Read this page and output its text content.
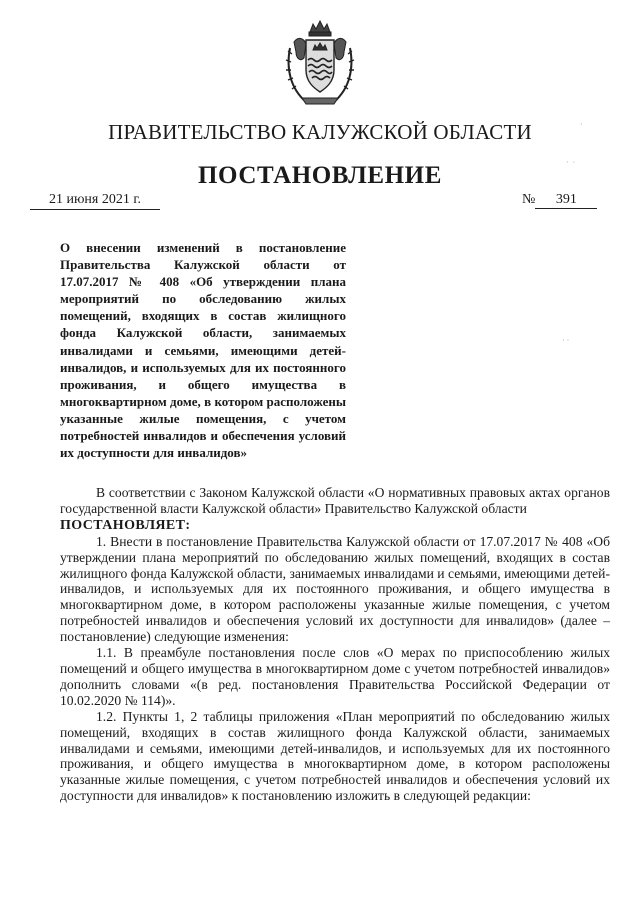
ПРАВИТЕЛЬСТВО КАЛУЖСКОЙ ОБЛАСТИ
ПОСТАНОВЛЕНИЕ
21 июня 2021 г.	№ 391
О внесении изменений в постановление Правительства Калужской области от 17.07.2017 № 408 «Об утверждении плана мероприятий по обследованию жилых помещений, входящих в состав жилищного фонда Калужской области, занимаемых инвалидами и семьями, имеющими детей-инвалидов, и используемых для их постоянного проживания, и общего имущества в многоквартирном доме, в котором расположены указанные жилые помещения, с учетом потребностей инвалидов и обеспечения условий их доступности для инвалидов»

В соответствии с Законом Калужской области «О нормативных правовых актах органов государственной власти Калужской области» Правительство Калужской области

ПОСТАНОВЛЯЕТ:

1. Внести в постановление Правительства Калужской области от 17.07.2017 № 408 «Об утверждении плана мероприятий по обследованию жилых помещений, входящих в состав жилищного фонда Калужской области, занимаемых инвалидами и семьями, имеющими детей-инвалидов, и используемых для их постоянного проживания, и общего имущества в многоквартирном доме, в котором расположены указанные жилые помещения, с учетом потребностей инвалидов и обеспечения условий их доступности для инвалидов» (далее – постановление) следующие изменения:

1.1. В преамбуле постановления после слов «О мерах по приспособлению жилых помещений и общего имущества в многоквартирном доме с учетом потребностей инвалидов» дополнить словами «(в ред. постановления Правительства Российской Федерации от 10.02.2020 № 114)».

1.2. Пункты 1, 2 таблицы приложения «План мероприятий по обследованию жилых помещений, входящих в состав жилищного фонда Калужской области, занимаемых инвалидами и семьями, имеющими детей-инвалидов, и используемых для их постоянного проживания, и общего имущества в многоквартирном доме, в котором расположены указанные жилые помещения, с учетом потребностей инвалидов и обеспечения условий их доступности для инвалидов» к постановлению изложить в следующей редакции:

·  ·
·
· ·
